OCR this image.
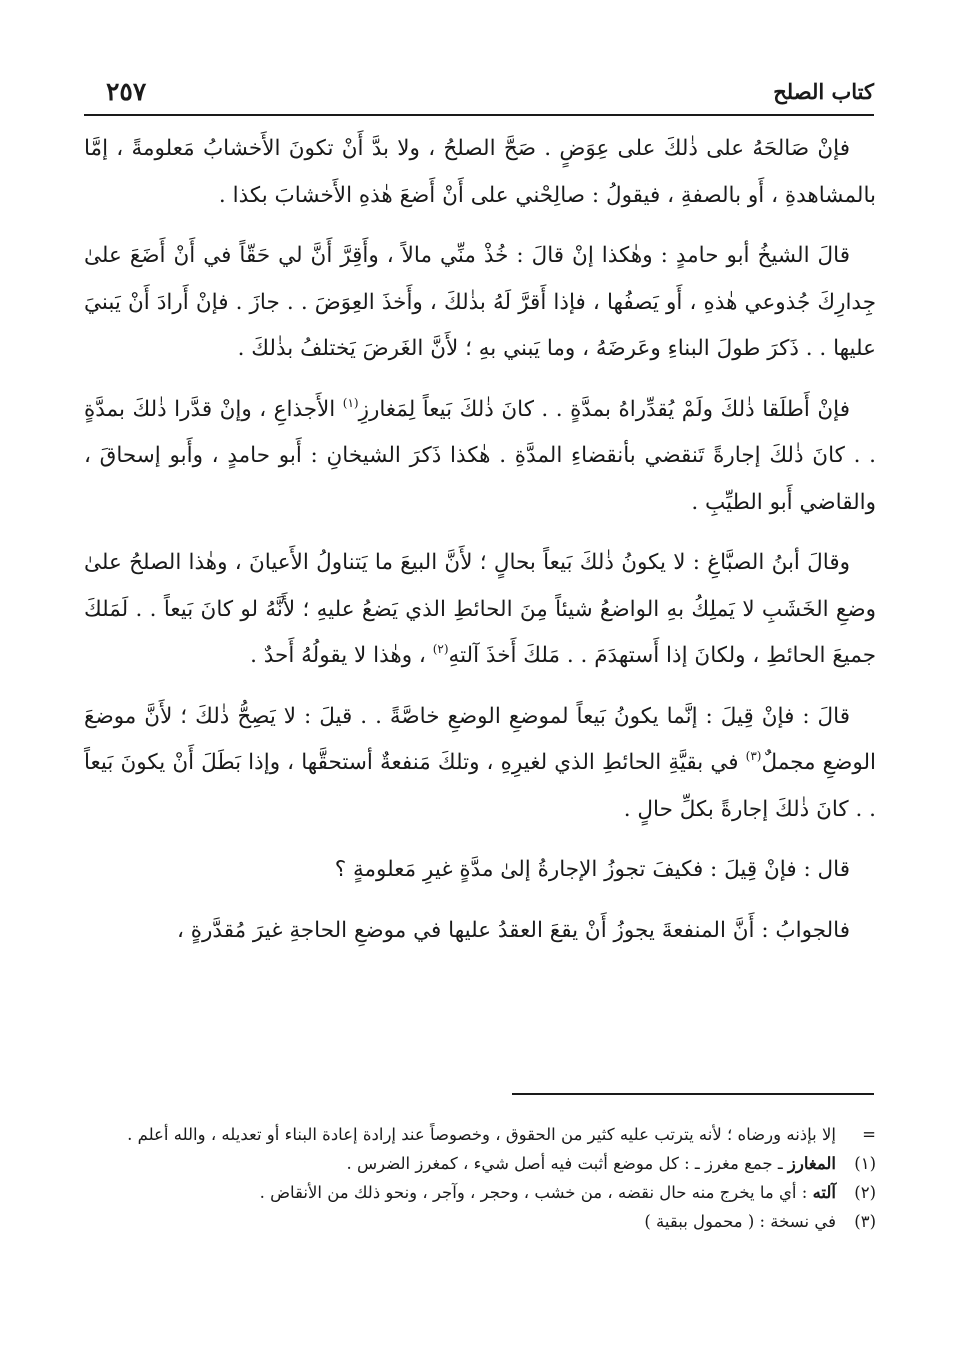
كتاب الصلح
٢٥٧

فإنْ صَالحَهُ على ذٰلكَ على عِوَضٍ . صَحَّ الصلحُ ، ولا بدَّ أَنْ تكونَ الأَخشابُ مَعلومةً ، إمَّا بالمشاهدةِ ، أَو بالصفةِ ، فيقولُ : صالِحْني على أَنْ أَضعَ هٰذهِ الأَخشابَ بكذا .

قالَ الشيخُ أبو حامدٍ : وهٰكذا إنْ قالَ : خُذْ منِّي مالاً ، وأَقِرَّ أَنَّ لي حَقّاً في أَنْ أَضَعَ علىٰ جِدارِكَ جُذوعي هٰذهِ ، أَو يَصفُها ، فإذا أَقرَّ لَهُ بذٰلكَ ، وأَخذَ العِوَضَ . . جازَ . فإنْ أَرادَ أَنْ يَبنيَ عليها . . ذَكرَ طولَ البناءِ وعَرضَهُ ، وما يَبني بهِ ؛ لأَنَّ الغَرضَ يَختلفُ بذٰلكَ .

فإنْ أَطلَقا ذٰلكَ ولَمْ يُقدِّراهُ بمدَّةٍ . . كانَ ذٰلكَ بَيعاً لِمَغارزِ$^{(١)}$ الأَجذاعِ ، وإنْ قدَّرا ذٰلكَ بمدَّةٍ . . كانَ ذٰلكَ إجارةً تَنقضي بأنقضاءِ المدَّةِ . هٰكذا ذَكرَ الشيخانِ : أَبو حامدٍ ، وأَبو إسحاقَ ، والقاضي أَبو الطيِّبِ .

وقالَ أبنُ الصبَّاغِ : لا يكونُ ذٰلكَ بَيعاً بحالٍ ؛ لأَنَّ البيعَ ما يَتناولُ الأَعيانَ ، وهٰذا الصلحُ علىٰ وضعِ الخَشَبِ لا يَملِكُ بهِ الواضعُ شيئاً مِنَ الحائطِ الذي يَضعُ عليهِ ؛ لأَنَّهُ لو كانَ بَيعاً . . لَمَلكَ جميعَ الحائطِ ، ولكانَ إذا أَستهدَمَ . . مَلكَ أَخذَ آلتهِ$^{(٢)}$ ، وهٰذا لا يقولُهُ أَحدٌ .

قالَ : فإنْ قِيلَ : إنَّما يكونُ بَيعاً لموضعِ الوضعِ خاصَّةً . . قيلَ : لا يَصِحُّ ذٰلكَ ؛ لأَنَّ موضعَ الوضعِ مجملٌ$^{(٣)}$ في بقيَّةِ الحائطِ الذي لغيرِهِ ، وتلكَ مَنفعةٌ أستحقَّها ، وإذا بَطَلَ أَنْ يكونَ بَيعاً . . كانَ ذٰلكَ إجارةً بكلِّ حالٍ .

قال : فإنْ قِيلَ : فكيفَ تجوزُ الإجارةُ إلىٰ مدَّةٍ غيرِ مَعلومةٍ ؟

فالجوابُ : أَنَّ المنفعةَ يجوزُ أَنْ يقعَ العقدُ عليها في موضعِ الحاجةِ غيرَ مُقدَّرةٍ ،

=
إلا بإذنه ورضاه ؛ لأنه يترتب عليه كثير من الحقوق ، وخصوصاً عند إرادة إعادة البناء أو تعديله ، والله أعلم .
(١)
المغارز ـ جمع مغرز ـ : كل موضع أثبت فيه أصل شيء ، كمغرز الضرس .
(٢)
آلته : أي ما يخرج منه حال نقضه ، من خشب ، وحجر ، وآجر ، ونحو ذلك من الأنقاض .
(٣)
في نسخة : ( محمول ببقية )
